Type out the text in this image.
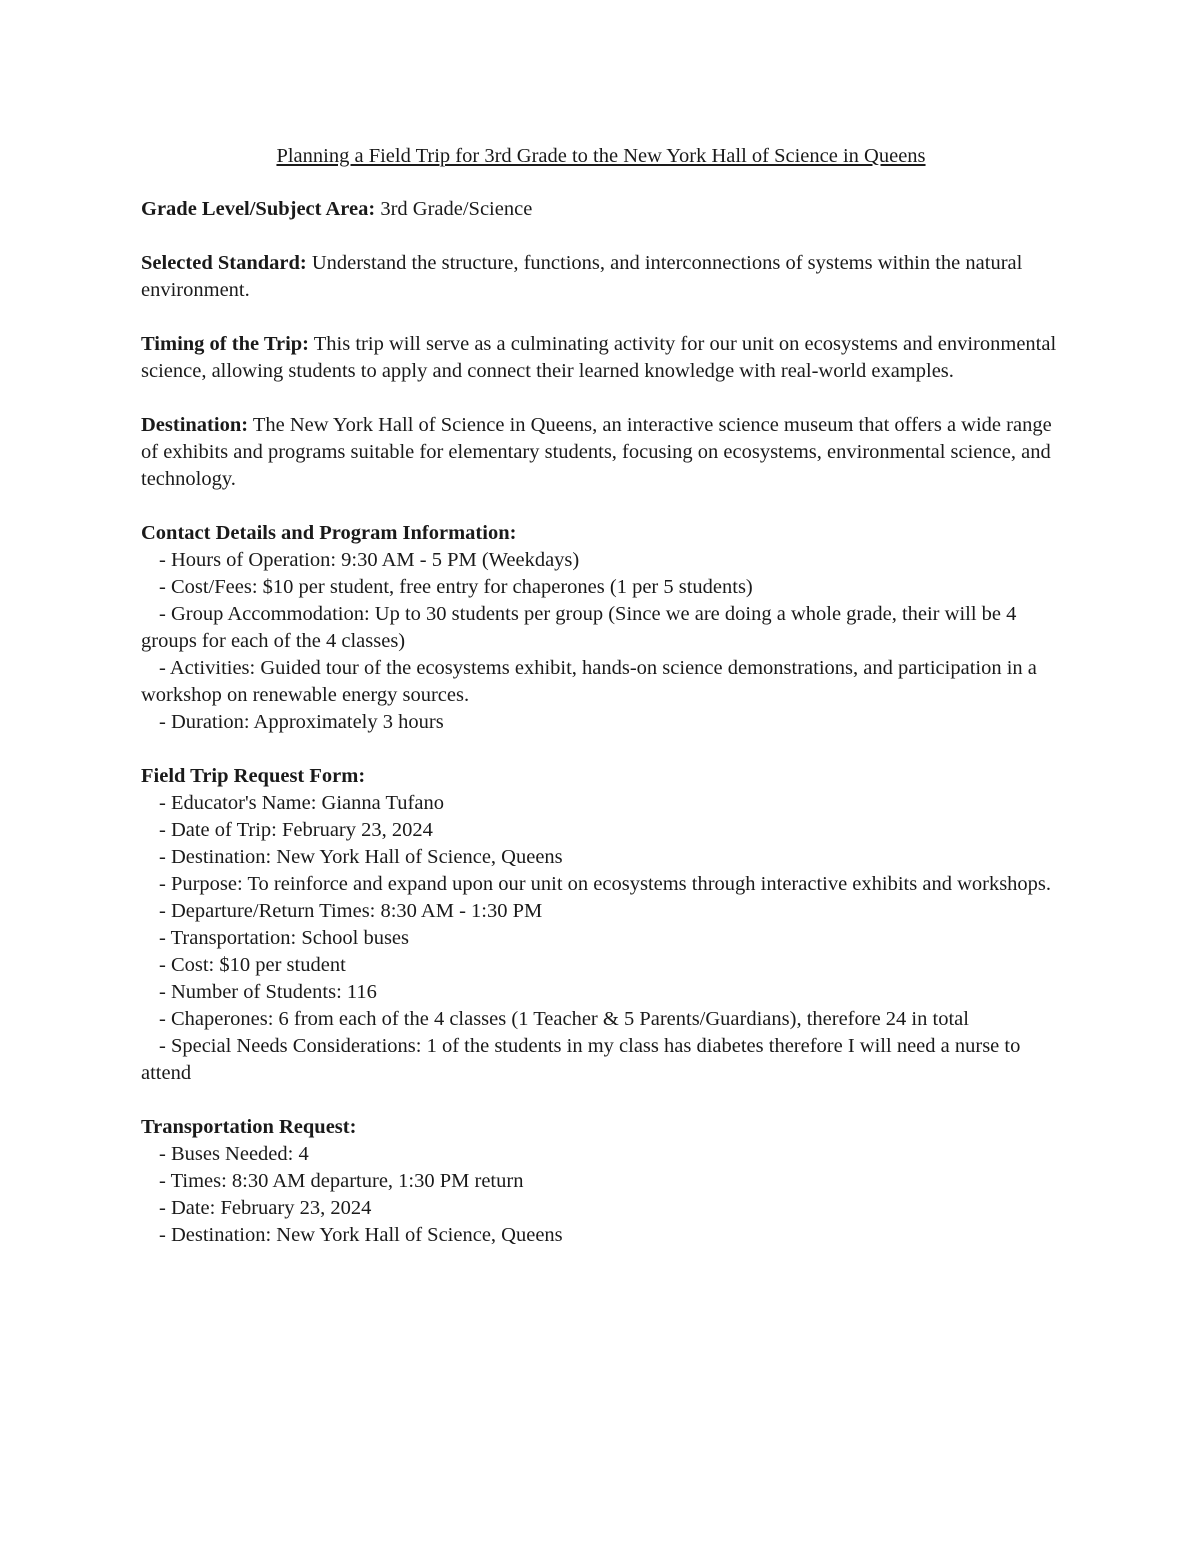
Planning a Field Trip for 3rd Grade to the New York Hall of Science in Queens

Grade Level/Subject Area: 3rd Grade/Science

Selected Standard: Understand the structure, functions, and interconnections of systems within the natural environment.

Timing of the Trip: This trip will serve as a culminating activity for our unit on ecosystems and environmental science, allowing students to apply and connect their learned knowledge with real-world examples.

Destination: The New York Hall of Science in Queens, an interactive science museum that offers a wide range of exhibits and programs suitable for elementary students, focusing on ecosystems, environmental science, and technology.

Contact Details and Program Information:
- Hours of Operation: 9:30 AM - 5 PM (Weekdays)
- Cost/Fees: $10 per student, free entry for chaperones (1 per 5 students)
- Group Accommodation: Up to 30 students per group (Since we are doing a whole grade, their will be 4 groups for each of the 4 classes)
- Activities: Guided tour of the ecosystems exhibit, hands-on science demonstrations, and participation in a workshop on renewable energy sources.
- Duration: Approximately 3 hours
Field Trip Request Form:
- Educator's Name: Gianna Tufano
- Date of Trip: February 23, 2024
- Destination: New York Hall of Science, Queens
- Purpose: To reinforce and expand upon our unit on ecosystems through interactive exhibits and workshops.
- Departure/Return Times: 8:30 AM - 1:30 PM
- Transportation: School buses
- Cost: $10 per student
- Number of Students: 116
- Chaperones: 6 from each of the 4 classes (1 Teacher & 5 Parents/Guardians), therefore 24 in total
- Special Needs Considerations: 1 of the students in my class has diabetes therefore I will need a nurse to attend
Transportation Request:
- Buses Needed: 4
- Times: 8:30 AM departure, 1:30 PM return
- Date: February 23, 2024
- Destination: New York Hall of Science, Queens
